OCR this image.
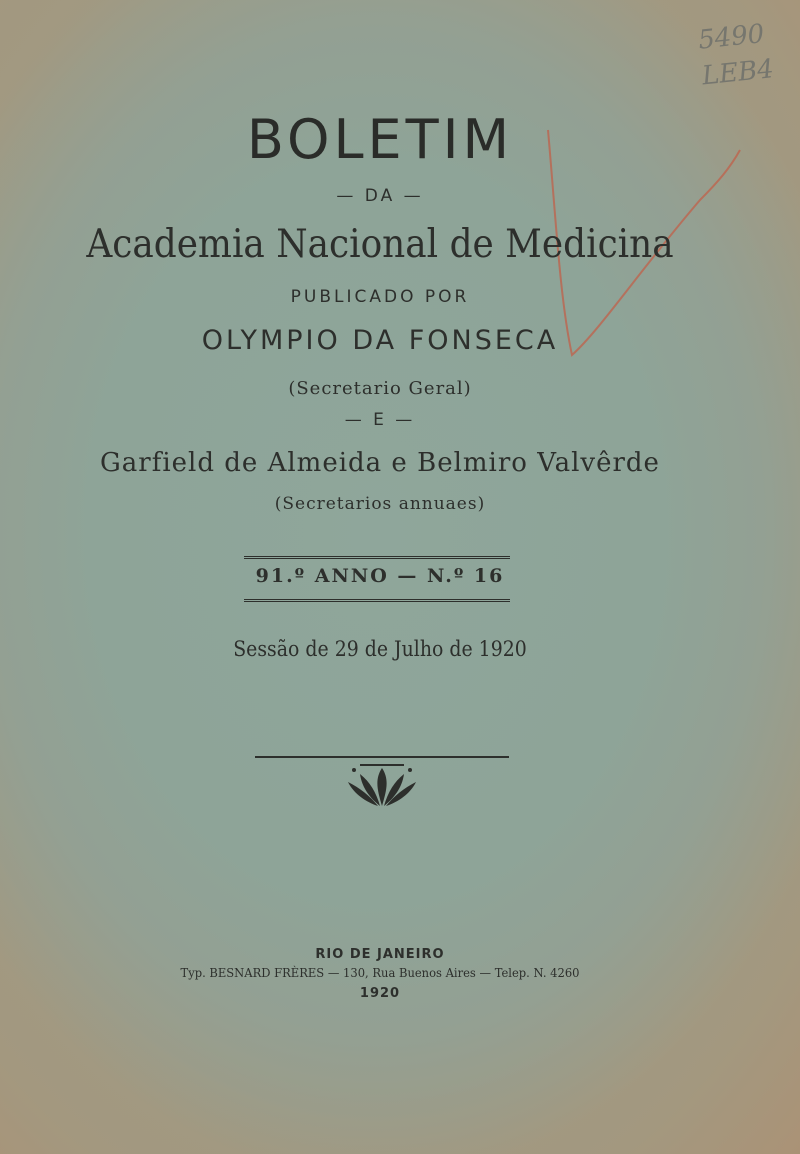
5490 LEB4
BOLETIM
— DA —
Academia Nacional de Medicina
PUBLICADO POR
OLYMPIO DA FONSECA
(Secretario Geral)
— E —
Garfield de Almeida e Belmiro Valvêrde
(Secretarios annuaes)
91.º ANNO — N.º 16
Sessão de 29 de Julho de 1920
RIO DE JANEIRO
Typ. BESNARD FRÈRES — 130, Rua Buenos Aires — Telep. N. 4260
1920
